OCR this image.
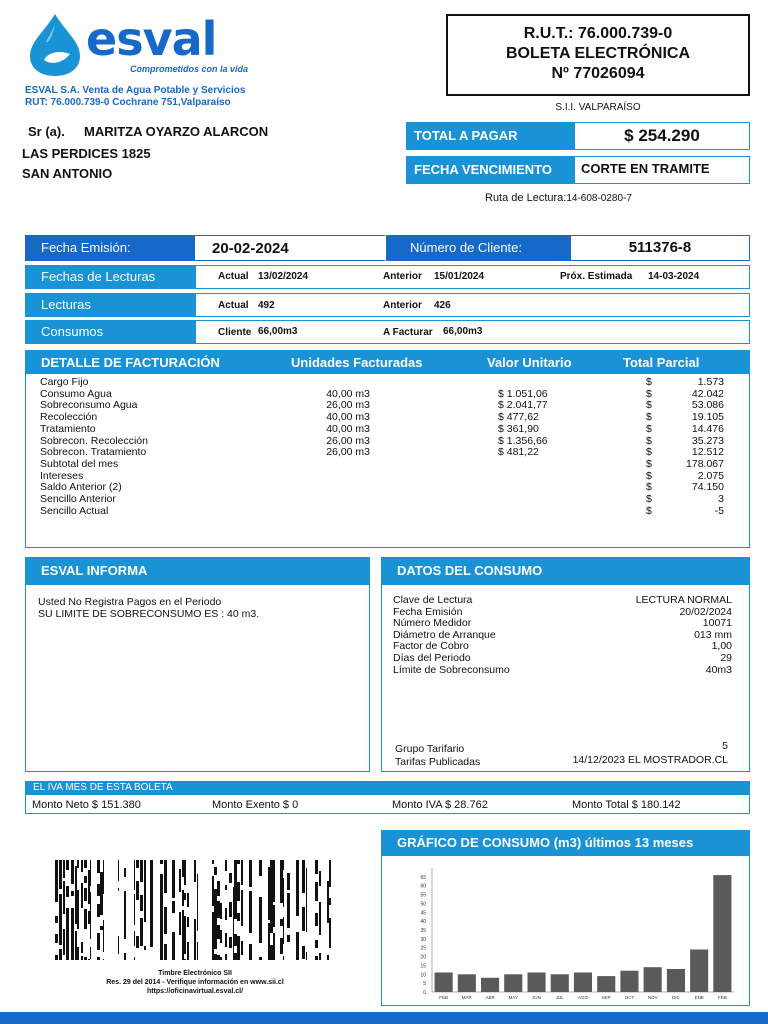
esval
Comprometidos con la vida
ESVAL S.A. Venta de Agua Potable y Servicios
RUT: 76.000.739-0 Cochrane 751,Valparaíso
R.U.T.: 76.000.739-0
BOLETA ELECTRÓNICA
Nº 77026094
S.I.I. VALPARAÍSO
Sr (a). MARITZA OYARZO ALARCON
LAS PERDICES 1825
SAN ANTONIO
TOTAL A PAGAR	$ 254.290
FECHA VENCIMIENTO	CORTE EN TRAMITE
Ruta de Lectura:14-608-0280-7
Fecha Emisión:	20-02-2024	Número de Cliente:	511376-8
Fechas de Lecturas	Actual 13/02/2024	Anterior 15/01/2024	Próx. Estimada 14-03-2024
Lecturas	Actual 492	Anterior 426
Consumos	Cliente 66,00m3	A Facturar 66,00m3
DETALLE DE FACTURACIÓN	Unidades Facturadas	Valor Unitario	Total Parcial
Cargo Fijo	$	1.573
Consumo Agua	40,00 m3	$ 1.051,06	$	42.042
Sobreconsumo Agua	26,00 m3	$ 2.041,77	$	53.086
Recolección	40,00 m3	$ 477,62	$	19.105
Tratamiento	40,00 m3	$ 361,90	$	14.476
Sobrecon. Recolección	26,00 m3	$ 1.356,66	$	35.273
Sobrecon. Tratamiento	26,00 m3	$ 481,22	$	12.512
Subtotal del mes	$	178.067
Intereses	$	2.075
Saldo Anterior (2)	$	74.150
Sencillo Anterior	$	3
Sencillo Actual	$	-5
ESVAL INFORMA
Usted No Registra Pagos en el Periodo
SU LIMITE DE SOBRECONSUMO ES : 40 m3.
DATOS DEL CONSUMO
Clave de Lectura	LECTURA NORMAL
Fecha Emisión	20/02/2024
Número Medidor	10071
Diámetro de Arranque	013 mm
Factor de Cobro	1,00
Días del Periodo	29
Límite de Sobreconsumo	40m3
Grupo Tarifario	5
Tarifas Publicadas	14/12/2023 EL MOSTRADOR.CL
EL IVA MES DE ESTA BOLETA
Monto Neto $ 151.380	Monto Exento $ 0	Monto IVA $ 28.762	Monto Total $ 180.142
Timbre Electrónico SII
Res. 29 del 2014 - Verifique información en www.sii.cl
https://oficinavirtual.esval.cl/
GRÁFICO DE CONSUMO (m3) últimos 13 meses
0
5
10
15
20
25
30
35
40
45
50
55
60
65
FEB	MAR	ABR	MAY	JUN	JUL	AGO	SEP	OCT	NOV	DIC	ENE	FEB
